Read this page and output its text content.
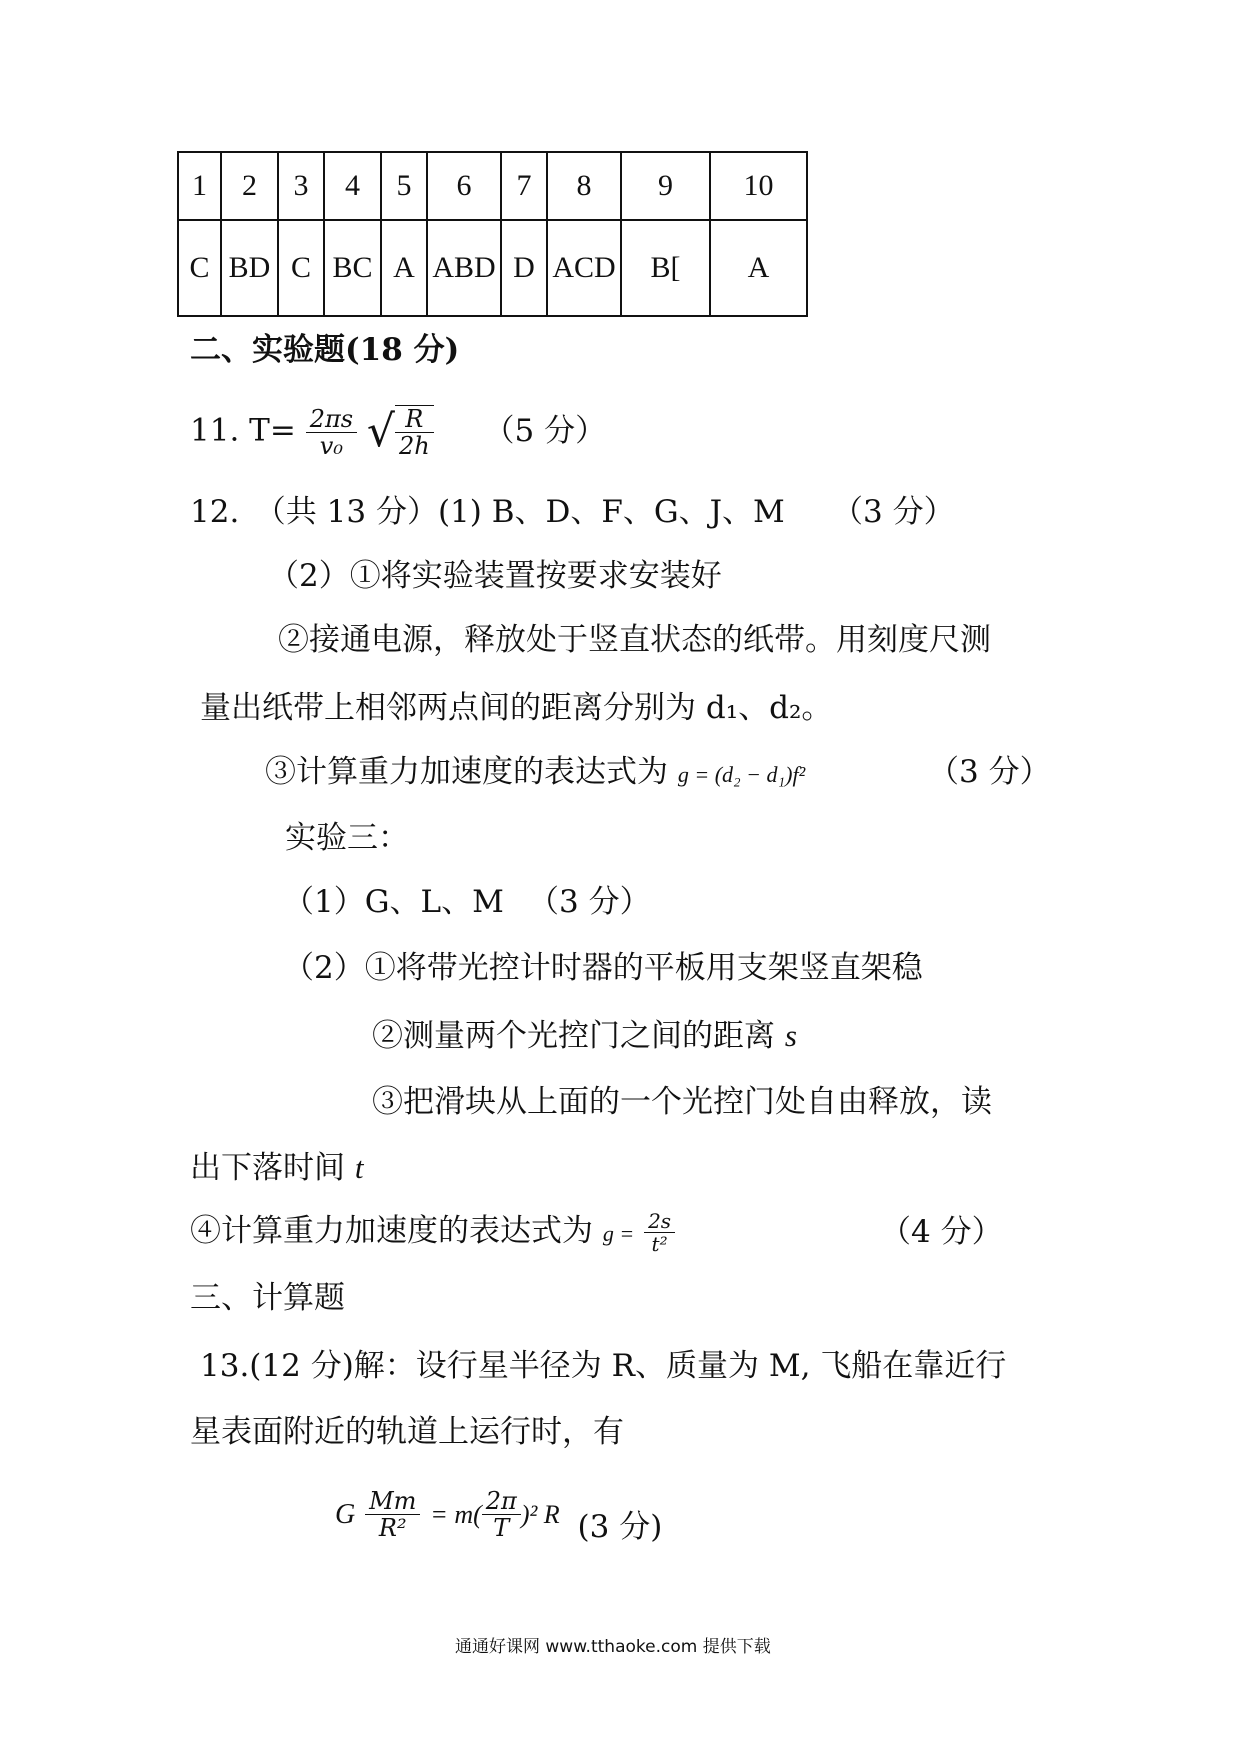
1	2	3	4	5	6	7	8	9	10
C	BD	C	BC	A	ABD	D	ACD	B[	A
二、实验题(18 分)
11. $T= \frac{2\pi s}{\text{v₀}}$ √ $\frac{R}{2h} (5$ 分）
12.　（共 13 分）(1) B、D、F、G、J、M （3 分）
（2）①将实验装置按要求安装好
②接通电源，释放处于竖直状态的纸带。用刻度尺测
量出纸带上相邻两点间的距离分别为 d₁、d₂。
③计算重力加速度的表达式为 g = (d₂ − d₁)f²	（3 分）
实验三：
（1）G、L、M （3 分）
（2）①将带光控计时器的平板用支架竖直架稳
②测量两个光控门之间的距离 s
③把滑块从上面的一个光控门处自由释放，读
出下落时间 t
④计算重力加速度的表达式为 $g = \frac{2s}{\text{t²}}$	（4 分）
三、计算题
13.(12 分)解：设行星半径为 R、质量为 M, 飞船在靠近行
星表面附近的轨道上运行时，有
G $\frac{Mm}{\text{R²}} = m( \frac{2\pi}{T} )^2$ R (3 分)
通通好课网 www.tthaoke.com 提供下载
